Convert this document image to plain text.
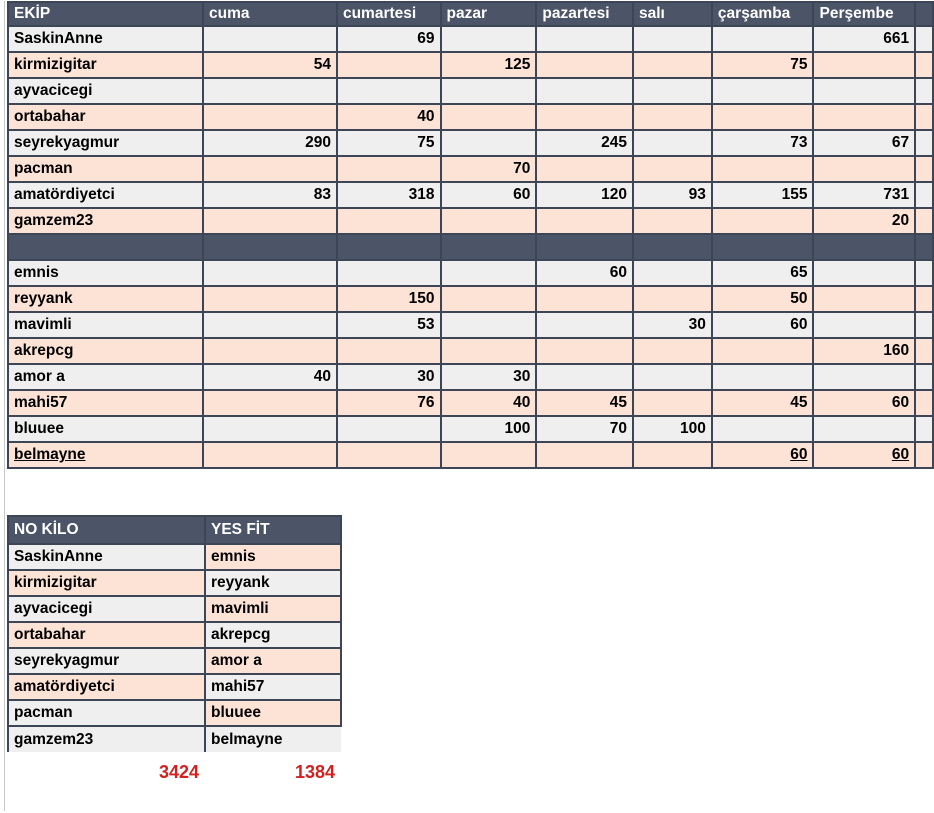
EKİP	cuma	cumartesi	pazar	pazartesi	salı	çarşamba	Perşembe	
SaskinAnne		69					661	
kirmizigitar	54		125			75		
ayvacicegi								
ortabahar		40						
seyrekyagmur	290	75		245		73	67	
pacman			70					
amatördiyetci	83	318	60	120	93	155	731	
gamzem23							20	

emnis				60		65		
reyyank		150				50		
mavimli		53			30	60		
akrepcg							160	
amor a	40	30	30					
mahi57		76	40	45		45	60	
bluuee			100	70	100			
belmayne						60	60	
NO KİLO	YES FİT
SaskinAnne	emnis
kirmizigitar	reyyank
ayvacicegi	mavimli
ortabahar	akrepcg
seyrekyagmur	amor a
amatördiyetci	mahi57
pacman	bluuee
gamzem23	belmayne
3424	1384
